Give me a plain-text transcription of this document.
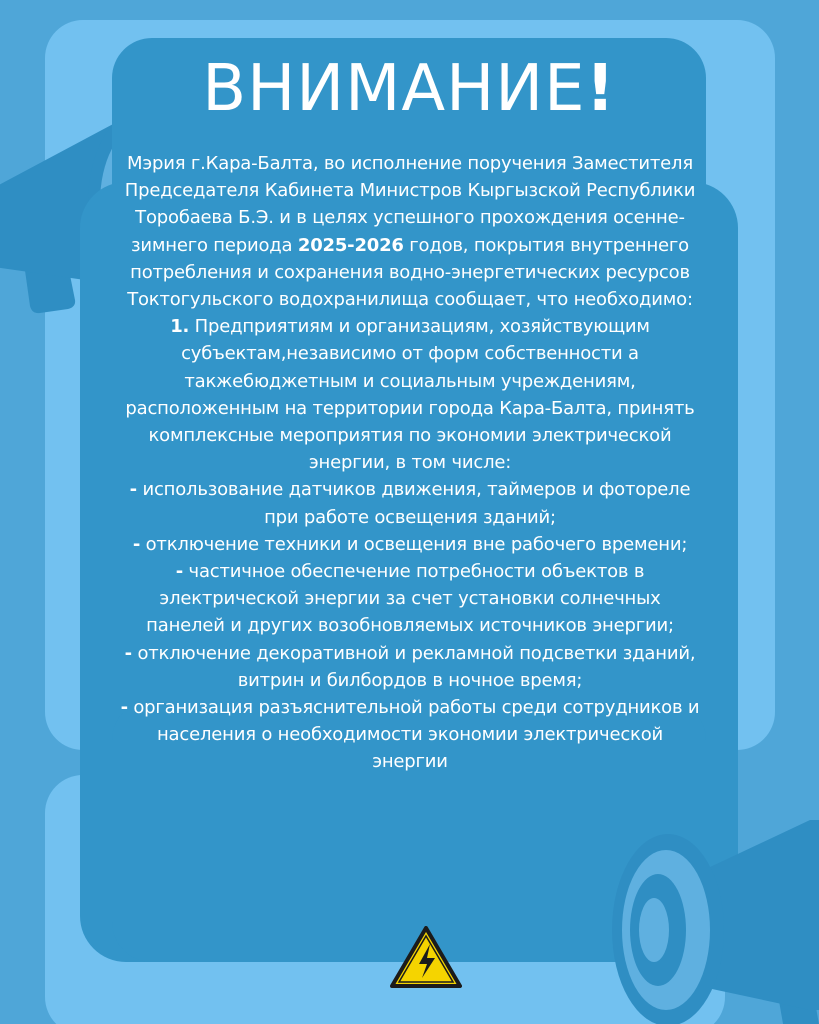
ВНИМАНИЕ!

Мэрия г.Кара-Балта, во исполнение поручения Заместителя Председателя Кабинета Министров Кыргызской Республики Торобаева Б.Э. и в целях успешного прохождения осенне-зимнего периода 2025-2026 годов, покрытия внутреннего потребления и сохранения водно-энергетических ресурсов Токтогульского водохранилища сообщает, что необходимо:

1. Предприятиям и организациям, хозяйствующим субъектам,независимо от форм собственности а такжебюджетным и социальным учреждениям, расположенным на территории города Кара-Балта, принять комплексные мероприятия по экономии электрической энергии, в том числе:

- использование датчиков движения, таймеров и фотореле при работе освещения зданий;

- отключение техники и освещения вне рабочего времени;

- частичное обеспечение потребности объектов в электрической энергии за счет установки солнечных панелей и других возобновляемых источников энергии;

- отключение декоративной и рекламной подсветки зданий, витрин и билбордов в ночное время;

- организация разъяснительной работы среди сотрудников и населения о необходимости экономии электрической энергии
